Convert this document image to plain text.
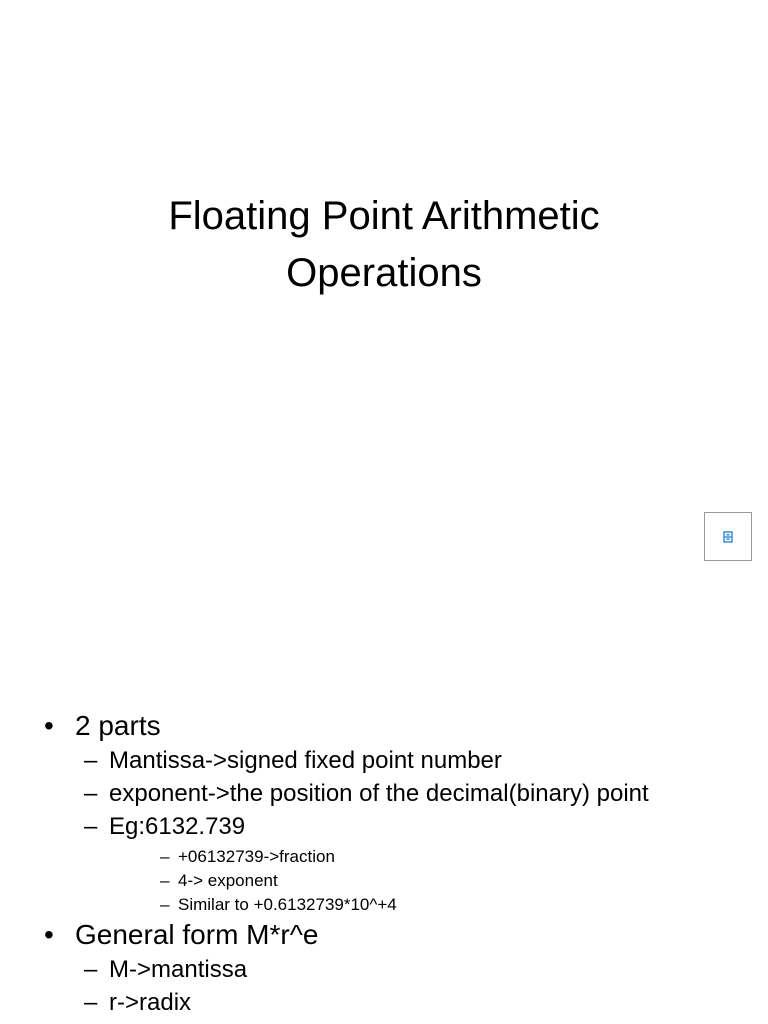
Floating Point Arithmetic
Operations
• 2 parts
– Mantissa->signed fixed point number
– exponent->the position of the decimal(binary) point
– Eg:6132.739
– +06132739->fraction
– 4-> exponent
– Similar to +0.6132739*10^+4
• General form M*r^e
– M->mantissa
– r->radix
